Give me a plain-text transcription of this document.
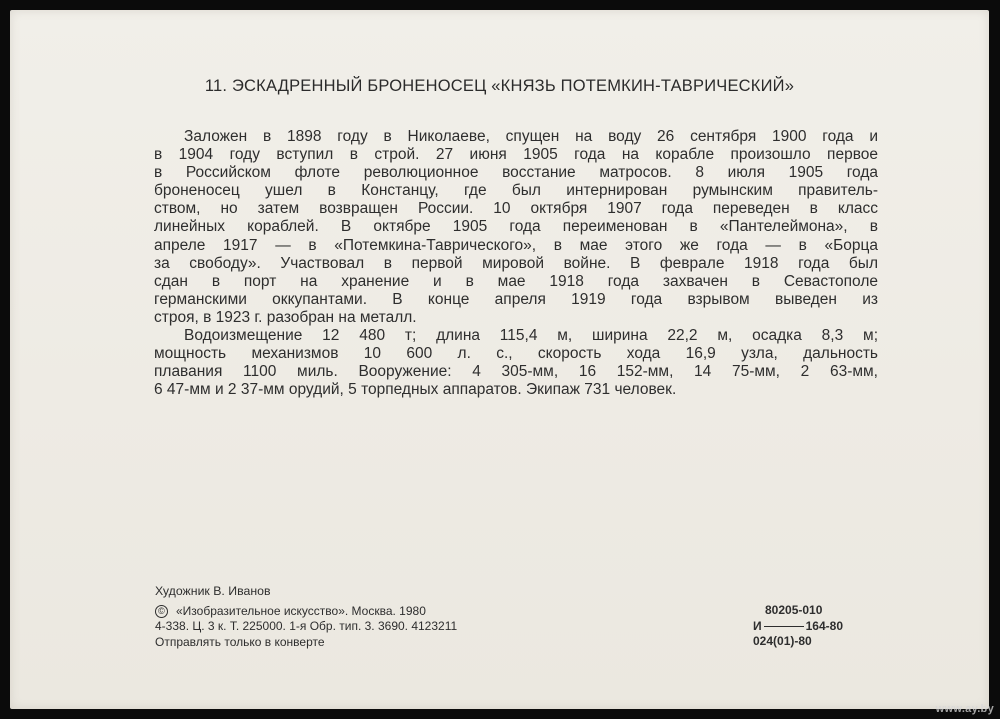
11. ЭСКАДРЕННЫЙ БРОНЕНОСЕЦ «КНЯЗЬ ПОТЕМКИН-ТАВРИЧЕСКИЙ»
Заложен в 1898 году в Николаеве, спущен на воду 26 сентября 1900 года и
в 1904 году вступил в строй. 27 июня 1905 года на корабле произошло первое
в Российском флоте революционное восстание матросов. 8 июля 1905 года
броненосец ушел в Констанцу, где был интернирован румынским правитель-
ством, но затем возвращен России. 10 октября 1907 года переведен в класс
линейных кораблей. В октябре 1905 года переименован в «Пантелеймона», в
апреле 1917 — в «Потемкина-Таврического», в мае этого же года — в «Борца
за свободу». Участвовал в первой мировой войне. В феврале 1918 года был
сдан в порт на хранение и в мае 1918 года захвачен в Севастополе
германскими оккупантами. В конце апреля 1919 года взрывом выведен из
строя, в 1923 г. разобран на металл.
Водоизмещение 12 480 т; длина 115,4 м, ширина 22,2 м, осадка 8,3 м;
мощность механизмов 10 600 л. с., скорость хода 16,9 узла, дальность
плавания 1100 миль. Вооружение: 4 305-мм, 16 152-мм, 14 75-мм, 2 63-мм,
6 47-мм и 2 37-мм орудий, 5 торпедных аппаратов. Экипаж 731 человек.
Художник В. Иванов
© «Изобразительное искусство». Москва. 1980
4-338. Ц. 3 к. Т. 225000. 1-я Обр. тип. 3. 3690. 4123211
Отправлять только в конверте
80205-010
И	164-80
024(01)-80
www.ay.by
